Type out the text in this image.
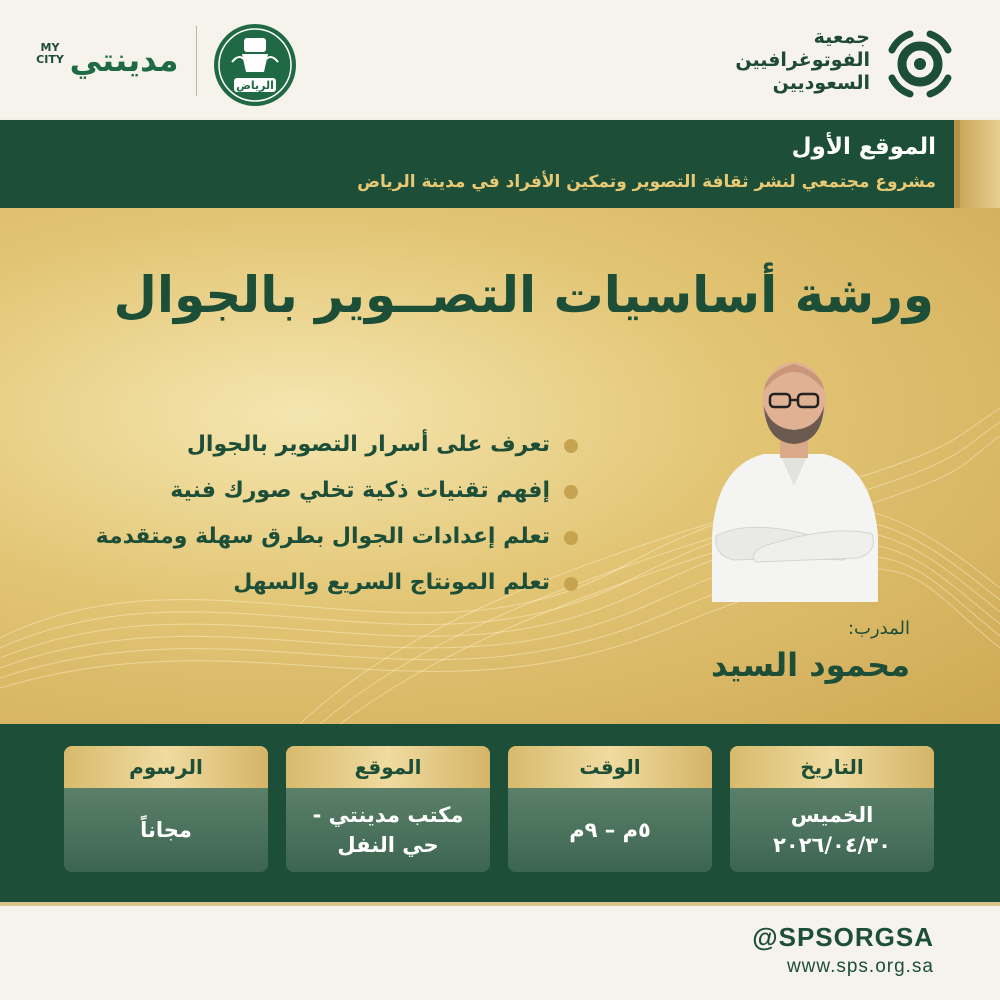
جمعية
الفوتوغرافيين
السعوديين
الرياض
MY
CITY مدينتي
الموقع الأول
مشروع مجتمعي لنشر ثقافة التصوير وتمكين الأفراد في مدينة الرياض
ورشة أساسيات التصــوير بالجوال
تعرف على أسرار التصوير بالجوال
إفهم تقنيات ذكية تخلي صورك فنية
تعلم إعدادات الجوال بطرق سهلة ومتقدمة
تعلم المونتاج السريع والسهل
المدرب:
محمود السيد
التاريخ
الخميس
٢٠٢٦/٠٤/٣٠
الوقت
٥م – ٩م
الموقع
مكتب مدينتي -
حي النفل
الرسوم
مجاناً
@SPSORGSA
www.sps.org.sa
